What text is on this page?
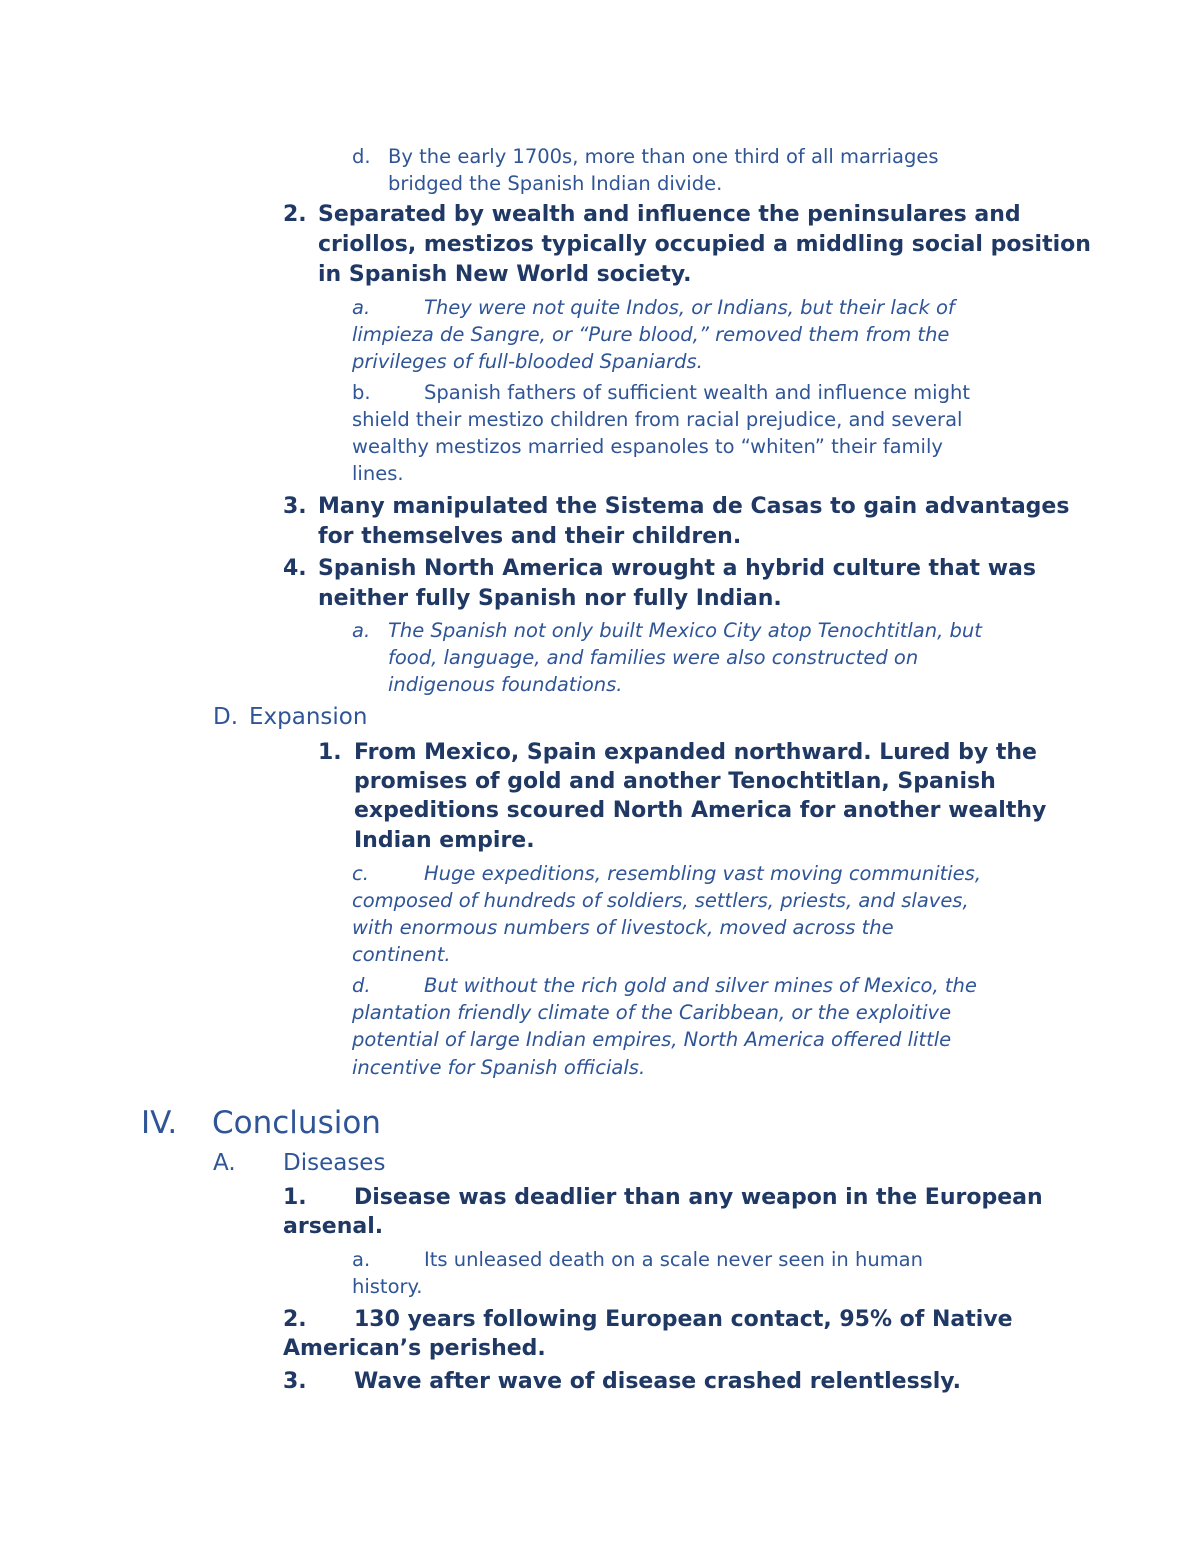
d. By the early 1700s, more than one third of all marriages
bridged the Spanish Indian divide.
2. Separated by wealth and influence the peninsulares and
criollos, mestizos typically occupied a middling social position
in Spanish New World society.
a.	They were not quite Indos, or Indians, but their lack of
limpieza de Sangre, or “Pure blood,” removed them from the
privileges of full-blooded Spaniards.
b.	Spanish fathers of sufficient wealth and influence might
shield their mestizo children from racial prejudice, and several
wealthy mestizos married espanoles to “whiten” their family
lines.
3. Many manipulated the Sistema de Casas to gain advantages
for themselves and their children.
4. Spanish North America wrought a hybrid culture that was
neither fully Spanish nor fully Indian.
a. The Spanish not only built Mexico City atop Tenochtitlan, but
food, language, and families were also constructed on
indigenous foundations.
D. Expansion
1. From Mexico, Spain expanded northward. Lured by the
promises of gold and another Tenochtitlan, Spanish
expeditions scoured North America for another wealthy
Indian empire.
c.	Huge expeditions, resembling vast moving communities,
composed of hundreds of soldiers, settlers, priests, and slaves,
with enormous numbers of livestock, moved across the
continent.
d.	But without the rich gold and silver mines of Mexico, the
plantation friendly climate of the Caribbean, or the exploitive
potential of large Indian empires, North America offered little
incentive for Spanish officials.
IV. Conclusion
A. Diseases
1. Disease was deadlier than any weapon in the European
arsenal.
a.	Its unleased death on a scale never seen in human
history.
2. 130 years following European contact, 95% of Native
American’s perished.
3. Wave after wave of disease crashed relentlessly.
